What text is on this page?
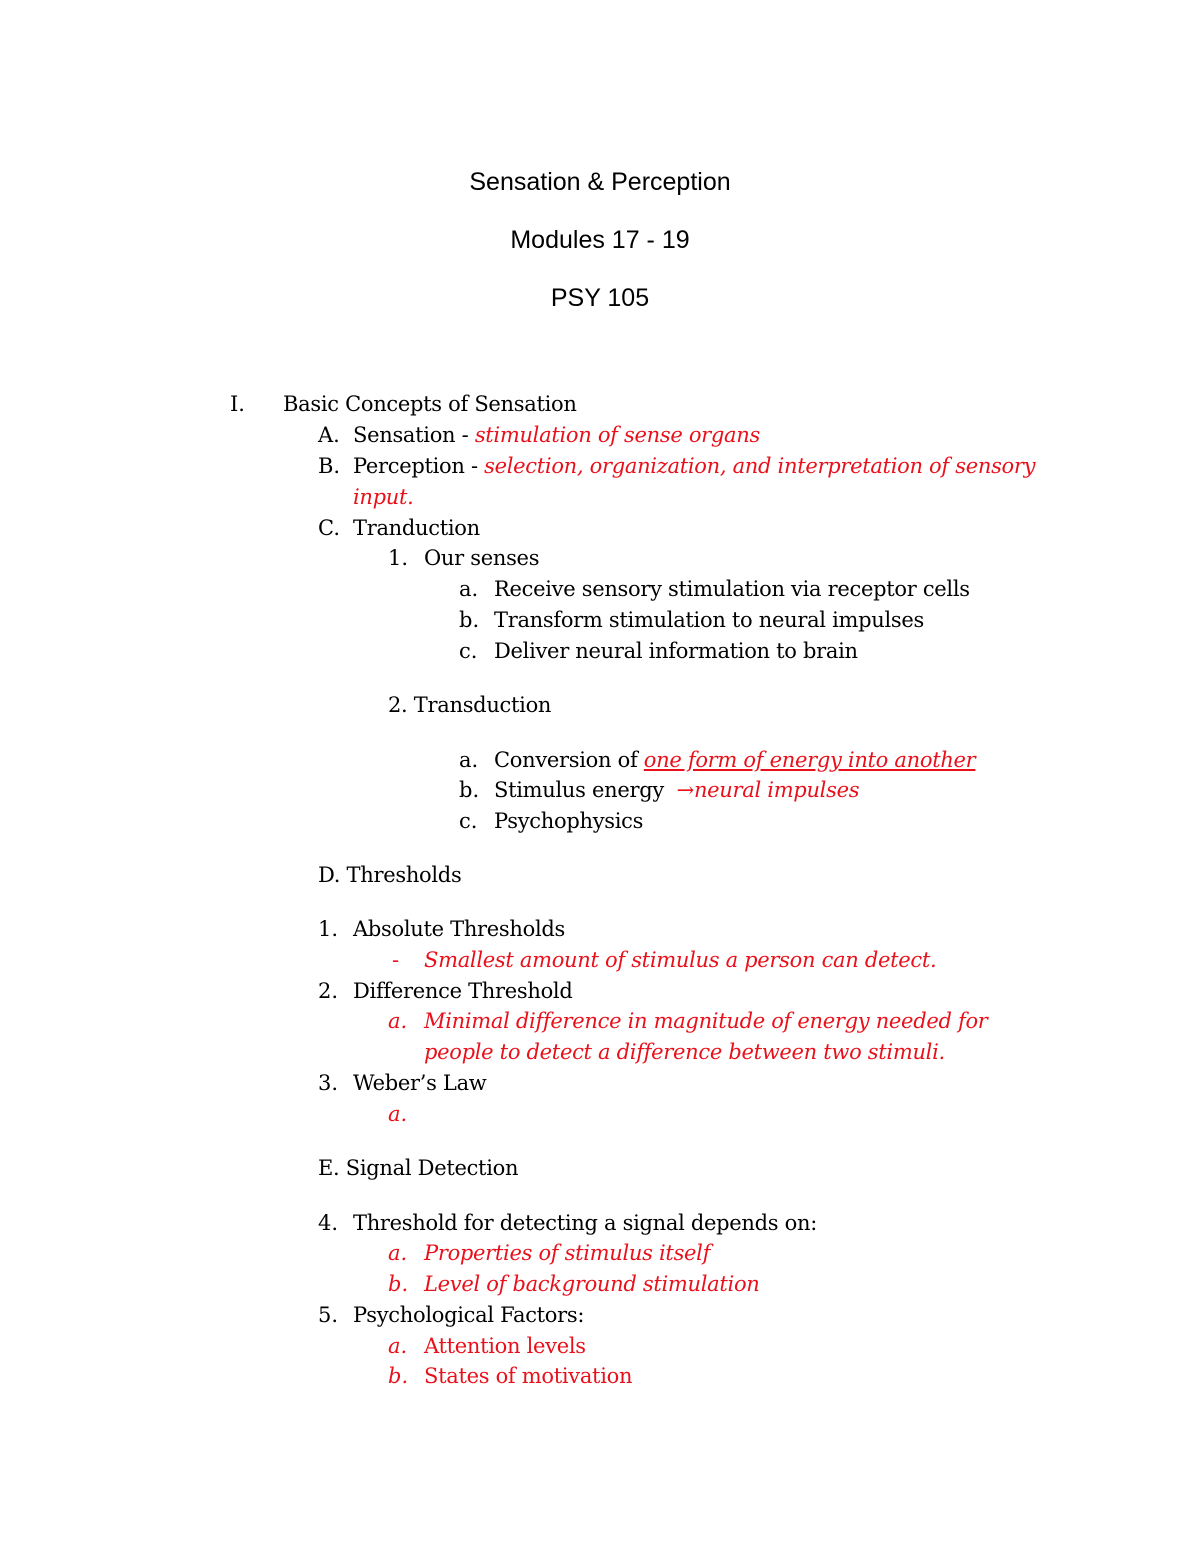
Sensation & Perception
Modules 17 - 19
PSY 105
I. Basic Concepts of Sensation
A. Sensation - stimulation of sense organs
B. Perception - selection, organization, and interpretation of sensory
input.
C. Tranduction
1. Our senses
a. Receive sensory stimulation via receptor cells
b. Transform stimulation to neural impulses
c. Deliver neural information to brain
2. Transduction
a. Conversion of one form of energy into another
b. Stimulus energy  →neural impulses
c. Psychophysics
D. Thresholds
1. Absolute Thresholds
- Smallest amount of stimulus a person can detect.
2. Difference Threshold
a. Minimal difference in magnitude of energy needed for
people to detect a difference between two stimuli.
3. Weber’s Law
a.
E. Signal Detection
4. Threshold for detecting a signal depends on:
a. Properties of stimulus itself
b. Level of background stimulation
5. Psychological Factors:
a. Attention levels
b. States of motivation
